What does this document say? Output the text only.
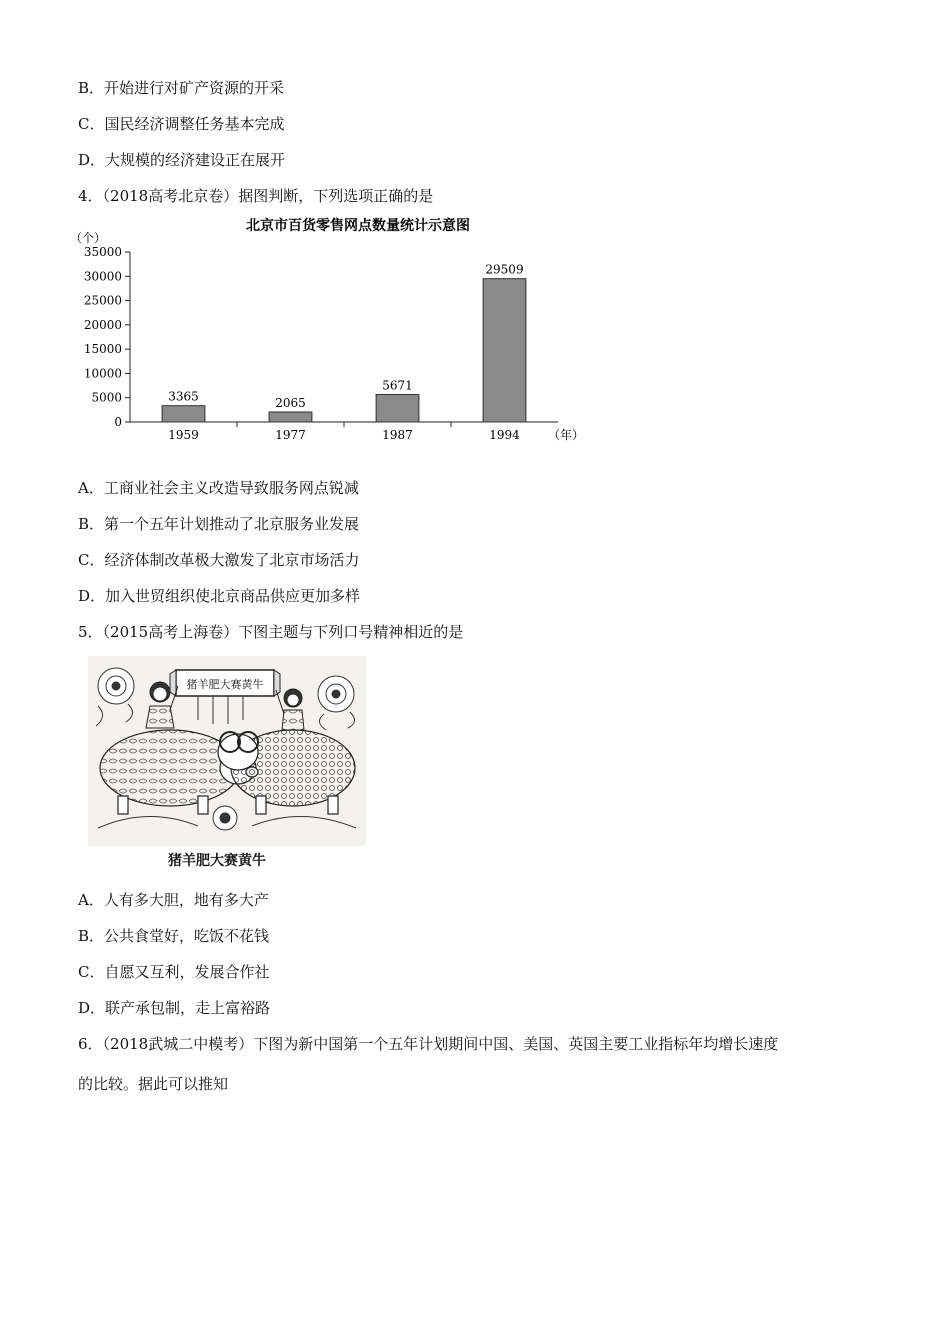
B．开始进行对矿产资源的开采
C．国民经济调整任务基本完成
D．大规模的经济建设正在展开
4．（2018高考北京卷）据图判断，下列选项正确的是
北京市百货零售网点数量统计示意图
（个）
0
5000
10000
15000
20000
25000
30000
35000
1959	1977	1987	1994 （年）
3365	2065
5671
29509
A．工商业社会主义改造导致服务网点锐减
B．第一个五年计划推动了北京服务业发展
C．经济体制改革极大激发了北京市场活力
D．加入世贸组织使北京商品供应更加多样
5．（2015高考上海卷）下图主题与下列口号精神相近的是
猪羊肥大赛黄牛
猪羊肥大赛黄牛
A．人有多大胆，地有多大产
B．公共食堂好，吃饭不花钱
C．自愿又互利，发展合作社
D．联产承包制，走上富裕路
6．（2018武城二中模考）下图为新中国第一个五年计划期间中国、美国、英国主要工业指标年均增长速度
的比较。据此可以推知
